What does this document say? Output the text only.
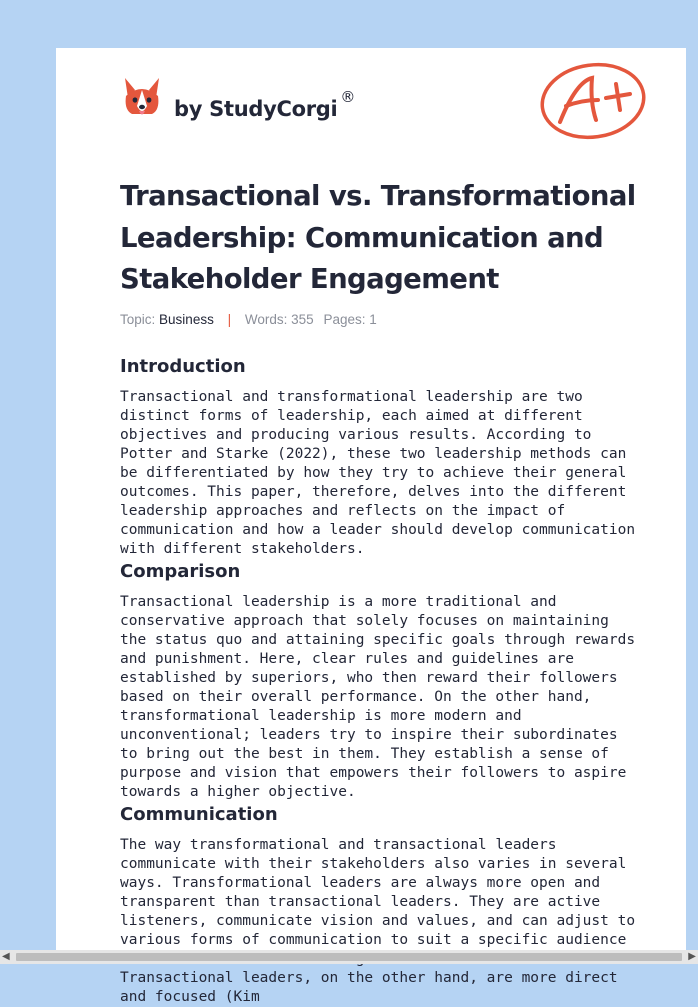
by StudyCorgi ®
Transactional vs. Transformational Leadership: Communication and Stakeholder Engagement
Topic: Business | Words: 355 Pages: 1
Introduction

Transactional and transformational leadership are two distinct forms of leadership, each aimed at different objectives and producing various results. According to Potter and Starke (2022), these two leadership methods can be differentiated by how they try to achieve their general outcomes. This paper, therefore, delves into the different leadership approaches and reflects on the impact of communication and how a leader should develop communication with different stakeholders.

Comparison

Transactional leadership is a more traditional and conservative approach that solely focuses on maintaining the status quo and attaining specific goals through rewards and punishment. Here, clear rules and guidelines are established by superiors, who then reward their followers based on their overall performance. On the other hand, transformational leadership is more modern and unconventional; leaders try to inspire their subordinates to bring out the best in them. They establish a sense of purpose and vision that empowers their followers to aspire towards a higher objective.

Communication

The way transformational and transactional leaders communicate with their stakeholders also varies in several ways. Transformational leaders are always more open and transparent than transactional leaders. They are active listeners, communicate vision and values, and can adjust to various forms of communication to suit a specific audience Transactional leaders, on the other hand, are more direct and focused (Kim

◀	▶
